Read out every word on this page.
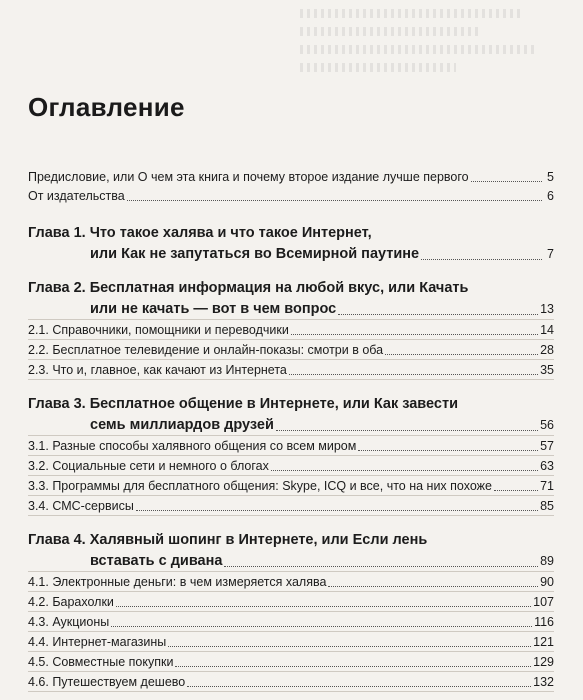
Оглавление
Предисловие, или О чем эта книга и почему второе издание лучше первого	5
От издательства	6
Глава 1. Что такое халява и что такое Интернет,
или Как не запутаться во Всемирной паутине	7
Глава 2. Бесплатная информация на любой вкус, или Качать
или не качать — вот в чем вопрос	13
2.1. Справочники, помощники и переводчики	14
2.2. Бесплатное телевидение и онлайн-показы: смотри в оба	28
2.3. Что и, главное, как качают из Интернета	35
Глава 3. Бесплатное общение в Интернете, или Как завести
семь миллиардов друзей	56
3.1. Разные способы халявного общения со всем миром	57
3.2. Социальные сети и немного о блогах	63
3.3. Программы для бесплатного общения: Skype, ICQ и все, что на них похоже	71
3.4. СМС-сервисы	85
Глава 4. Халявный шопинг в Интернете, или Если лень
вставать с дивана	89
4.1. Электронные деньги: в чем измеряется халява	90
4.2. Барахолки	107
4.3. Аукционы	116
4.4. Интернет-магазины	121
4.5. Совместные покупки	129
4.6. Путешествуем дешево	132
